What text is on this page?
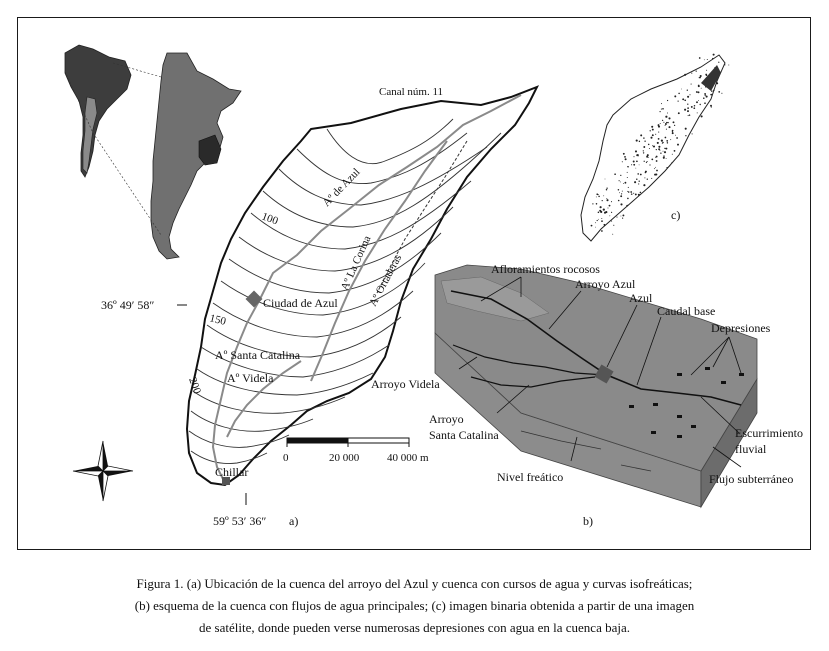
Canal núm. 11
Aº de Azul
Aº La Corina
Aº Ortaderas
100
150
200
Ciudad de Azul
Aº Santa Catalina
Aº Videla
Chillar
36º 49′ 58″
59º 53′ 36″ a)
0	20 000	40 000 m
c)
Afloramientos rocosos
Arroyo Azul
Azul
Caudal base
Depresiones
Arroyo Videla
Arroyo
Santa Catalina	Escurrimiento
fluvial
Nivel freático	Flujo subterráneo
b)
Figura 1. (a) Ubicación de la cuenca del arroyo del Azul y cuenca con cursos de agua y curvas isofreáticas;
(b) esquema de la cuenca con flujos de agua principales; (c) imagen binaria obtenida a partir de una imagen
de satélite, donde pueden verse numerosas depresiones con agua en la cuenca baja.
